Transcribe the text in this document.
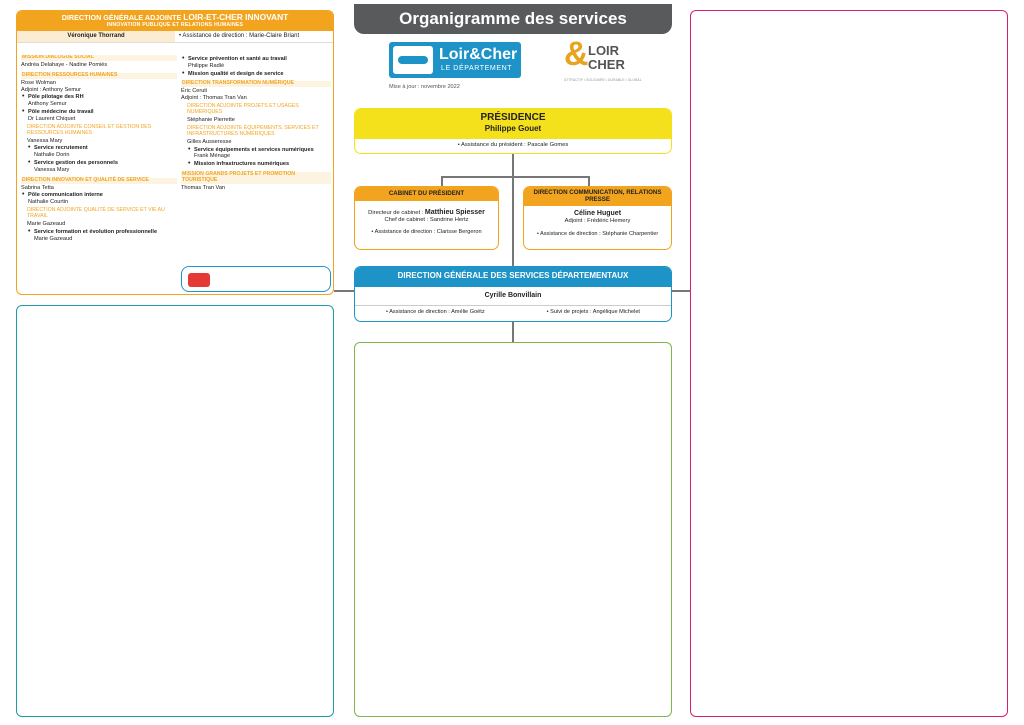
Organigramme des services
Loir&Cher
LE DÉPARTEMENT & LOIR CHER
ATTRACTIF • SOLIDAIRE • DURABLE • GLOBAL
Mise à jour : novembre 2022
PRÉSIDENCE
Philippe Gouet
• Assistance du président : Pascale Gomes
CABINET DU PRÉSIDENT
Directeur de cabinet : Matthieu Spiesser
Chef de cabinet : Sandrine Hertz
• Assistance de direction : Clarisse Bergeron
DIRECTION COMMUNICATION, RELATIONS PRESSE
Céline Huguet
Adjoint : Frédéric Hemery
• Assistance de direction : Stéphanie Charpentier
DIRECTION GÉNÉRALE DES SERVICES DÉPARTEMENTAUX
Cyrille Bonvillain
• Assistance de direction : Amélie Goëtz	• Suivi de projets : Angélique Michelet
DIRECTION GÉNÉRALE ADJOINTE LOIR-ET-CHER INNOVANT
INNOVATION PUBLIQUE ET RELATIONS HUMAINES
Véronique Thorrand	• Assistance de direction : Marie-Claire Briant
MISSION DIALOGUE SOCIAL
Andréa Delahaye - Nadine Pomiès
DIRECTION RESSOURCES HUMAINES
Rose Wolman
Adjoint : Anthony Semur
• Pôle pilotage des RH
Anthony Semur
• Pôle médecine du travail
Dr Laurent Chiquet
DIRECTION ADJOINTE CONSEIL ET GESTION DES RESSOURCES HUMAINES
Vanessa Mary
• Service recrutement
Nathalie Dorin
• Service gestion des personnels
Vanessa Mary
DIRECTION INNOVATION ET QUALITÉ DE SERVICE
Sabrina Tetta
• Pôle communication interne
Nathalie Courtin
DIRECTION ADJOINTE QUALITÉ DE SERVICE ET VIE AU TRAVAIL
Marie Gazeaud
• Service formation et évolution professionnelle
Marie Gazeaud
• Service prévention et santé au travail
Philippe Radlé
• Mission qualité et design de service
DIRECTION TRANSFORMATION NUMÉRIQUE
Éric Ceruti
Adjoint : Thomas Tran Van
DIRECTION ADJOINTE PROJETS ET USAGES NUMÉRIQUES
Stéphanie Pierrette
DIRECTION ADJOINTE ÉQUIPEMENTS, SERVICES ET INFRASTRUCTURES NUMÉRIQUES
Gilles Ausseresse
• Service équipements et services numériques
Frank Ménage
• Mission infrastructures numériques
MISSION GRANDS PROJETS ET PROMOTION TOURISTIQUE
Thomas Tran Van
